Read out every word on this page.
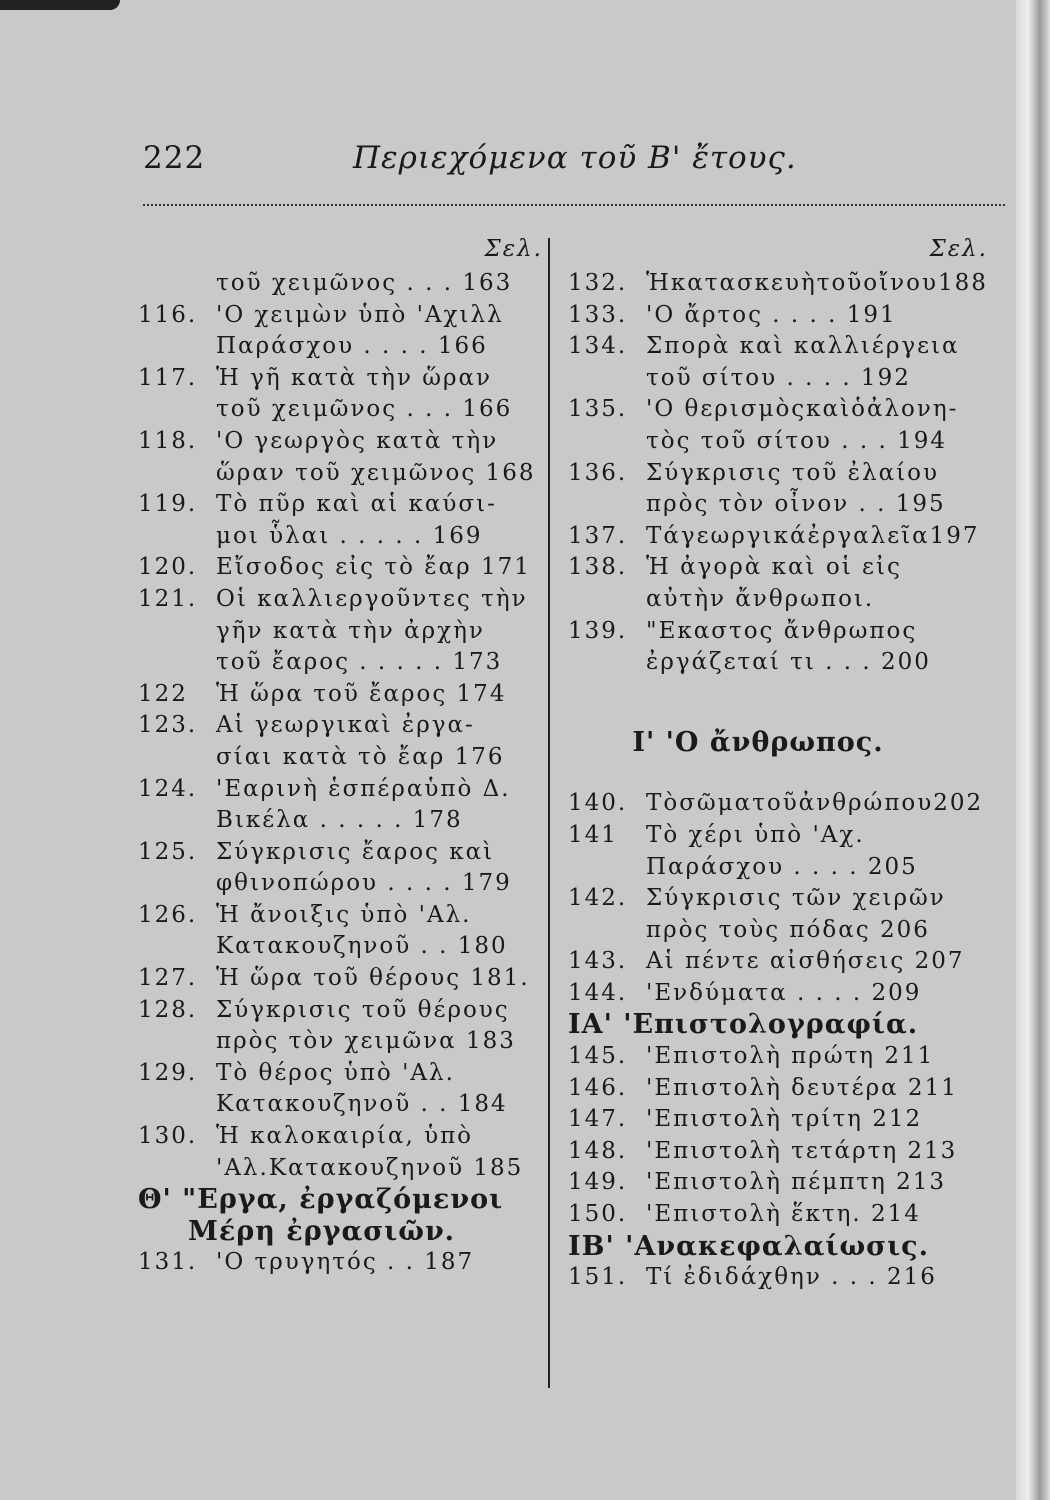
222	Περιεχόμενα τοῦ Β' ἔτους.
Σελ.
τοῦ χειμῶνος . . . 163
116. 'Ο χειμὼν ὑπὸ 'Αχιλλ
Παράσχου . . . . 166
117. Ἡ γῆ κατὰ τὴν ὥραν
τοῦ χειμῶνος . . . 166
118. 'Ο γεωργὸς κατὰ τὴν
ὥραν τοῦ χειμῶνος 168
119. Τὸ πῦρ καὶ αἱ καύσι-
μοι ὗλαι . . . . . 169
120. Εἴσοδος εἰς τὸ ἔαρ 171
121. Οἱ καλλιεργοῦντες τὴν
γῆν κατὰ τὴν ἀρχὴν
τοῦ ἔαρος . . . . . 173
122 Ἡ ὥρα τοῦ ἔαρος 174
123. Αἱ γεωργικαὶ ἐργα-
σίαι κατὰ τὸ ἔαρ 176
124. 'Εαρινὴ ἑσπέραὑπὸ Δ.
Βικέλα . . . . . 178
125. Σύγκρισις ἔαρος καὶ
φθινοπώρου . . . . 179
126. Ἡ ἄνοιξις ὑπὸ 'Αλ.
Κατακουζηνοῦ . . 180
127. Ἡ ὥρα τοῦ θέρους 181.
128. Σύγκρισις τοῦ θέρους
πρὸς τὸν χειμῶνα 183
129. Τὸ θέρος ὑπὸ 'Αλ.
Κατακουζηνοῦ . . 184
130. Ἡ καλοκαιρία, ὑπὸ
'Αλ.Κατακουζηνοῦ 185
Θ' "Εργα, ἐργαζόμενοι
Μέρη ἐργασιῶν.
131. 'Ο τρυγητός . . 187
Σελ.
132. Ἡκατασκευὴτοῦοἴνου188
133. 'Ο ἄρτος . . . . 191
134. Σπορὰ καὶ καλλιέργεια
τοῦ σίτου . . . . 192
135. 'Ο θερισμὸςκαὶὁἀλονη-
τὸς τοῦ σίτου . . . 194
136. Σύγκρισις τοῦ ἐλαίου
πρὸς τὸν οἶνον . . 195
137. Τάγεωργικάἐργαλεῖα197
138. Ἡ ἀγορὰ καὶ οἱ εἰς
αὐτὴν ἄνθρωποι.
139. "Εκαστος ἄνθρωπος
ἐργάζεταί τι . . . 200
Ι' 'Ο ἄνθρωπος.
140. Τὸσῶματοῦἀνθρώπου202
141 Τὸ χέρι ὑπὸ 'Αχ.
Παράσχου . . . . 205
142. Σύγκρισις τῶν χειρῶν
πρὸς τοὺς πόδας 206
143. Αἱ πέντε αἰσθήσεις 207
144. 'Ενδύματα . . . . 209
ΙΑ' 'Επιστολογραφία.
145. 'Επιστολὴ πρώτη 211
146. 'Επιστολὴ δευτέρα 211
147. 'Επιστολὴ τρίτη 212
148. 'Επιστολὴ τετάρτη 213
149. 'Επιστολὴ πέμπτη 213
150. 'Επιστολὴ ἕκτη. 214
ΙΒ' 'Ανακεφαλαίωσις.
151. Τί ἐδιδάχθην . . . 216
